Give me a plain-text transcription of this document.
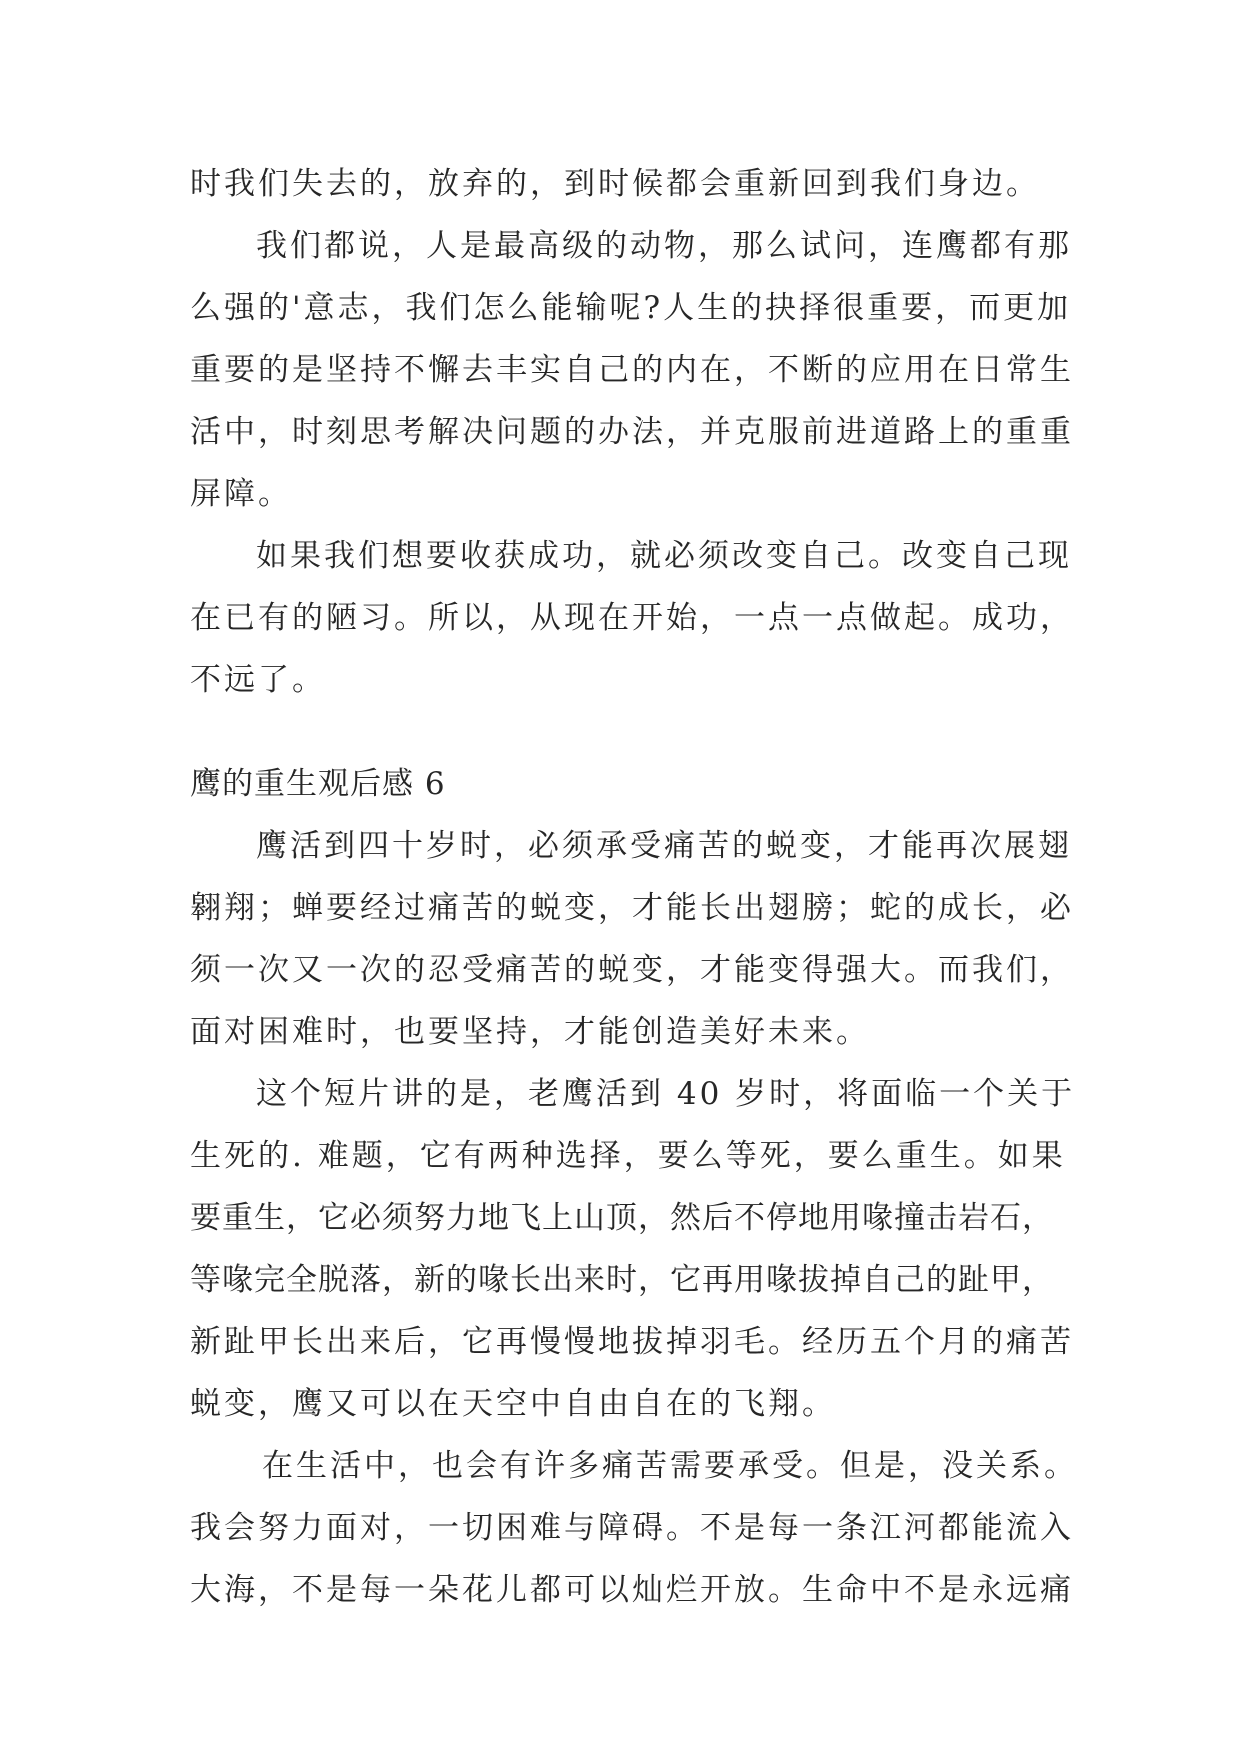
时我们失去的，放弃的，到时候都会重新回到我们身边。
我们都说，人是最高级的动物，那么试问，连鹰都有那
么强的'意志，我们怎么能输呢?人生的抉择很重要，而更加
重要的是坚持不懈去丰实自己的内在，不断的应用在日常生
活中，时刻思考解决问题的办法，并克服前进道路上的重重
屏障。
如果我们想要收获成功，就必须改变自己。改变自己现
在已有的陋习。所以，从现在开始，一点一点做起。成功，
不远了。
鹰的重生观后感 6
鹰活到四十岁时，必须承受痛苦的蜕变，才能再次展翅
翱翔；蝉要经过痛苦的蜕变，才能长出翅膀；蛇的成长，必
须一次又一次的忍受痛苦的蜕变，才能变得强大。而我们，
面对困难时，也要坚持，才能创造美好未来。
这个短片讲的是，老鹰活到 40 岁时，将面临一个关于
生死的. 难题，它有两种选择，要么等死，要么重生。如果
要重生，它必须努力地飞上山顶，然后不停地用喙撞击岩石，
等喙完全脱落，新的喙长出来时，它再用喙拔掉自己的趾甲，
新趾甲长出来后，它再慢慢地拔掉羽毛。经历五个月的痛苦
蜕变，鹰又可以在天空中自由自在的飞翔。
在生活中，也会有许多痛苦需要承受。但是，没关系。
我会努力面对，一切困难与障碍。不是每一条江河都能流入
大海，不是每一朵花儿都可以灿烂开放。生命中不是永远痛
